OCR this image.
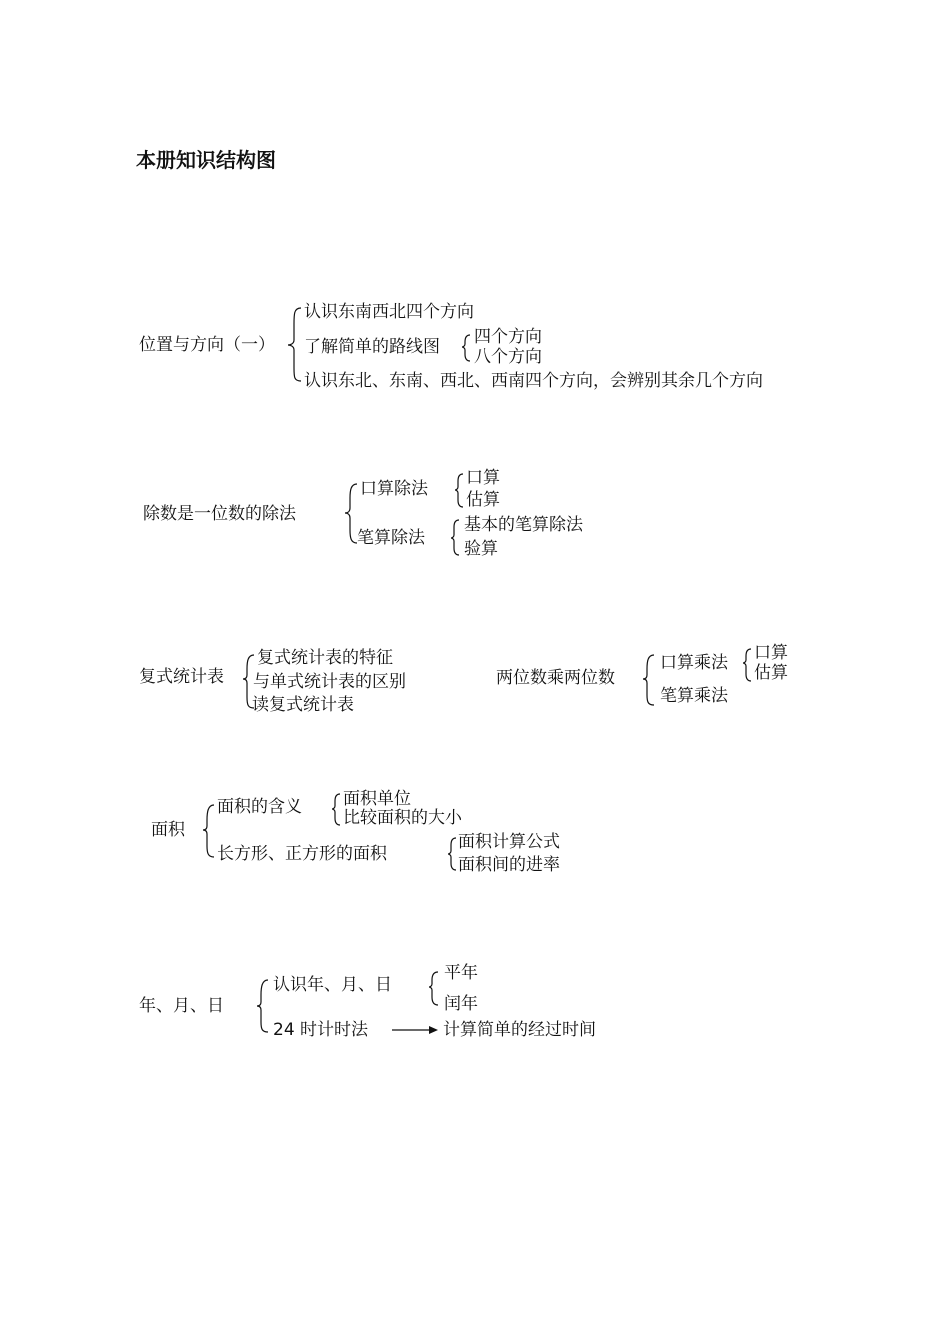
本册知识结构图
位置与方向（一）
认识东南西北四个方向
了解简单的路线图 四个方向
八个方向
认识东北、东南、西北、西南四个方向，会辨别其余几个方向
除数是一位数的除法
口算除法
口算
估算
笔算除法
基本的笔算除法
验算
复式统计表
复式统计表的特征
与单式统计表的区别
读复式统计表
两位数乘两位数
口算乘法 口算
估算
笔算乘法
面积
面积的含义 面积单位
比较面积的大小
长方形、正方形的面积
面积计算公式
面积间的进率
年、月、日
认识年、月、日
平年
闰年
24 时计时法	计算简单的经过时间
